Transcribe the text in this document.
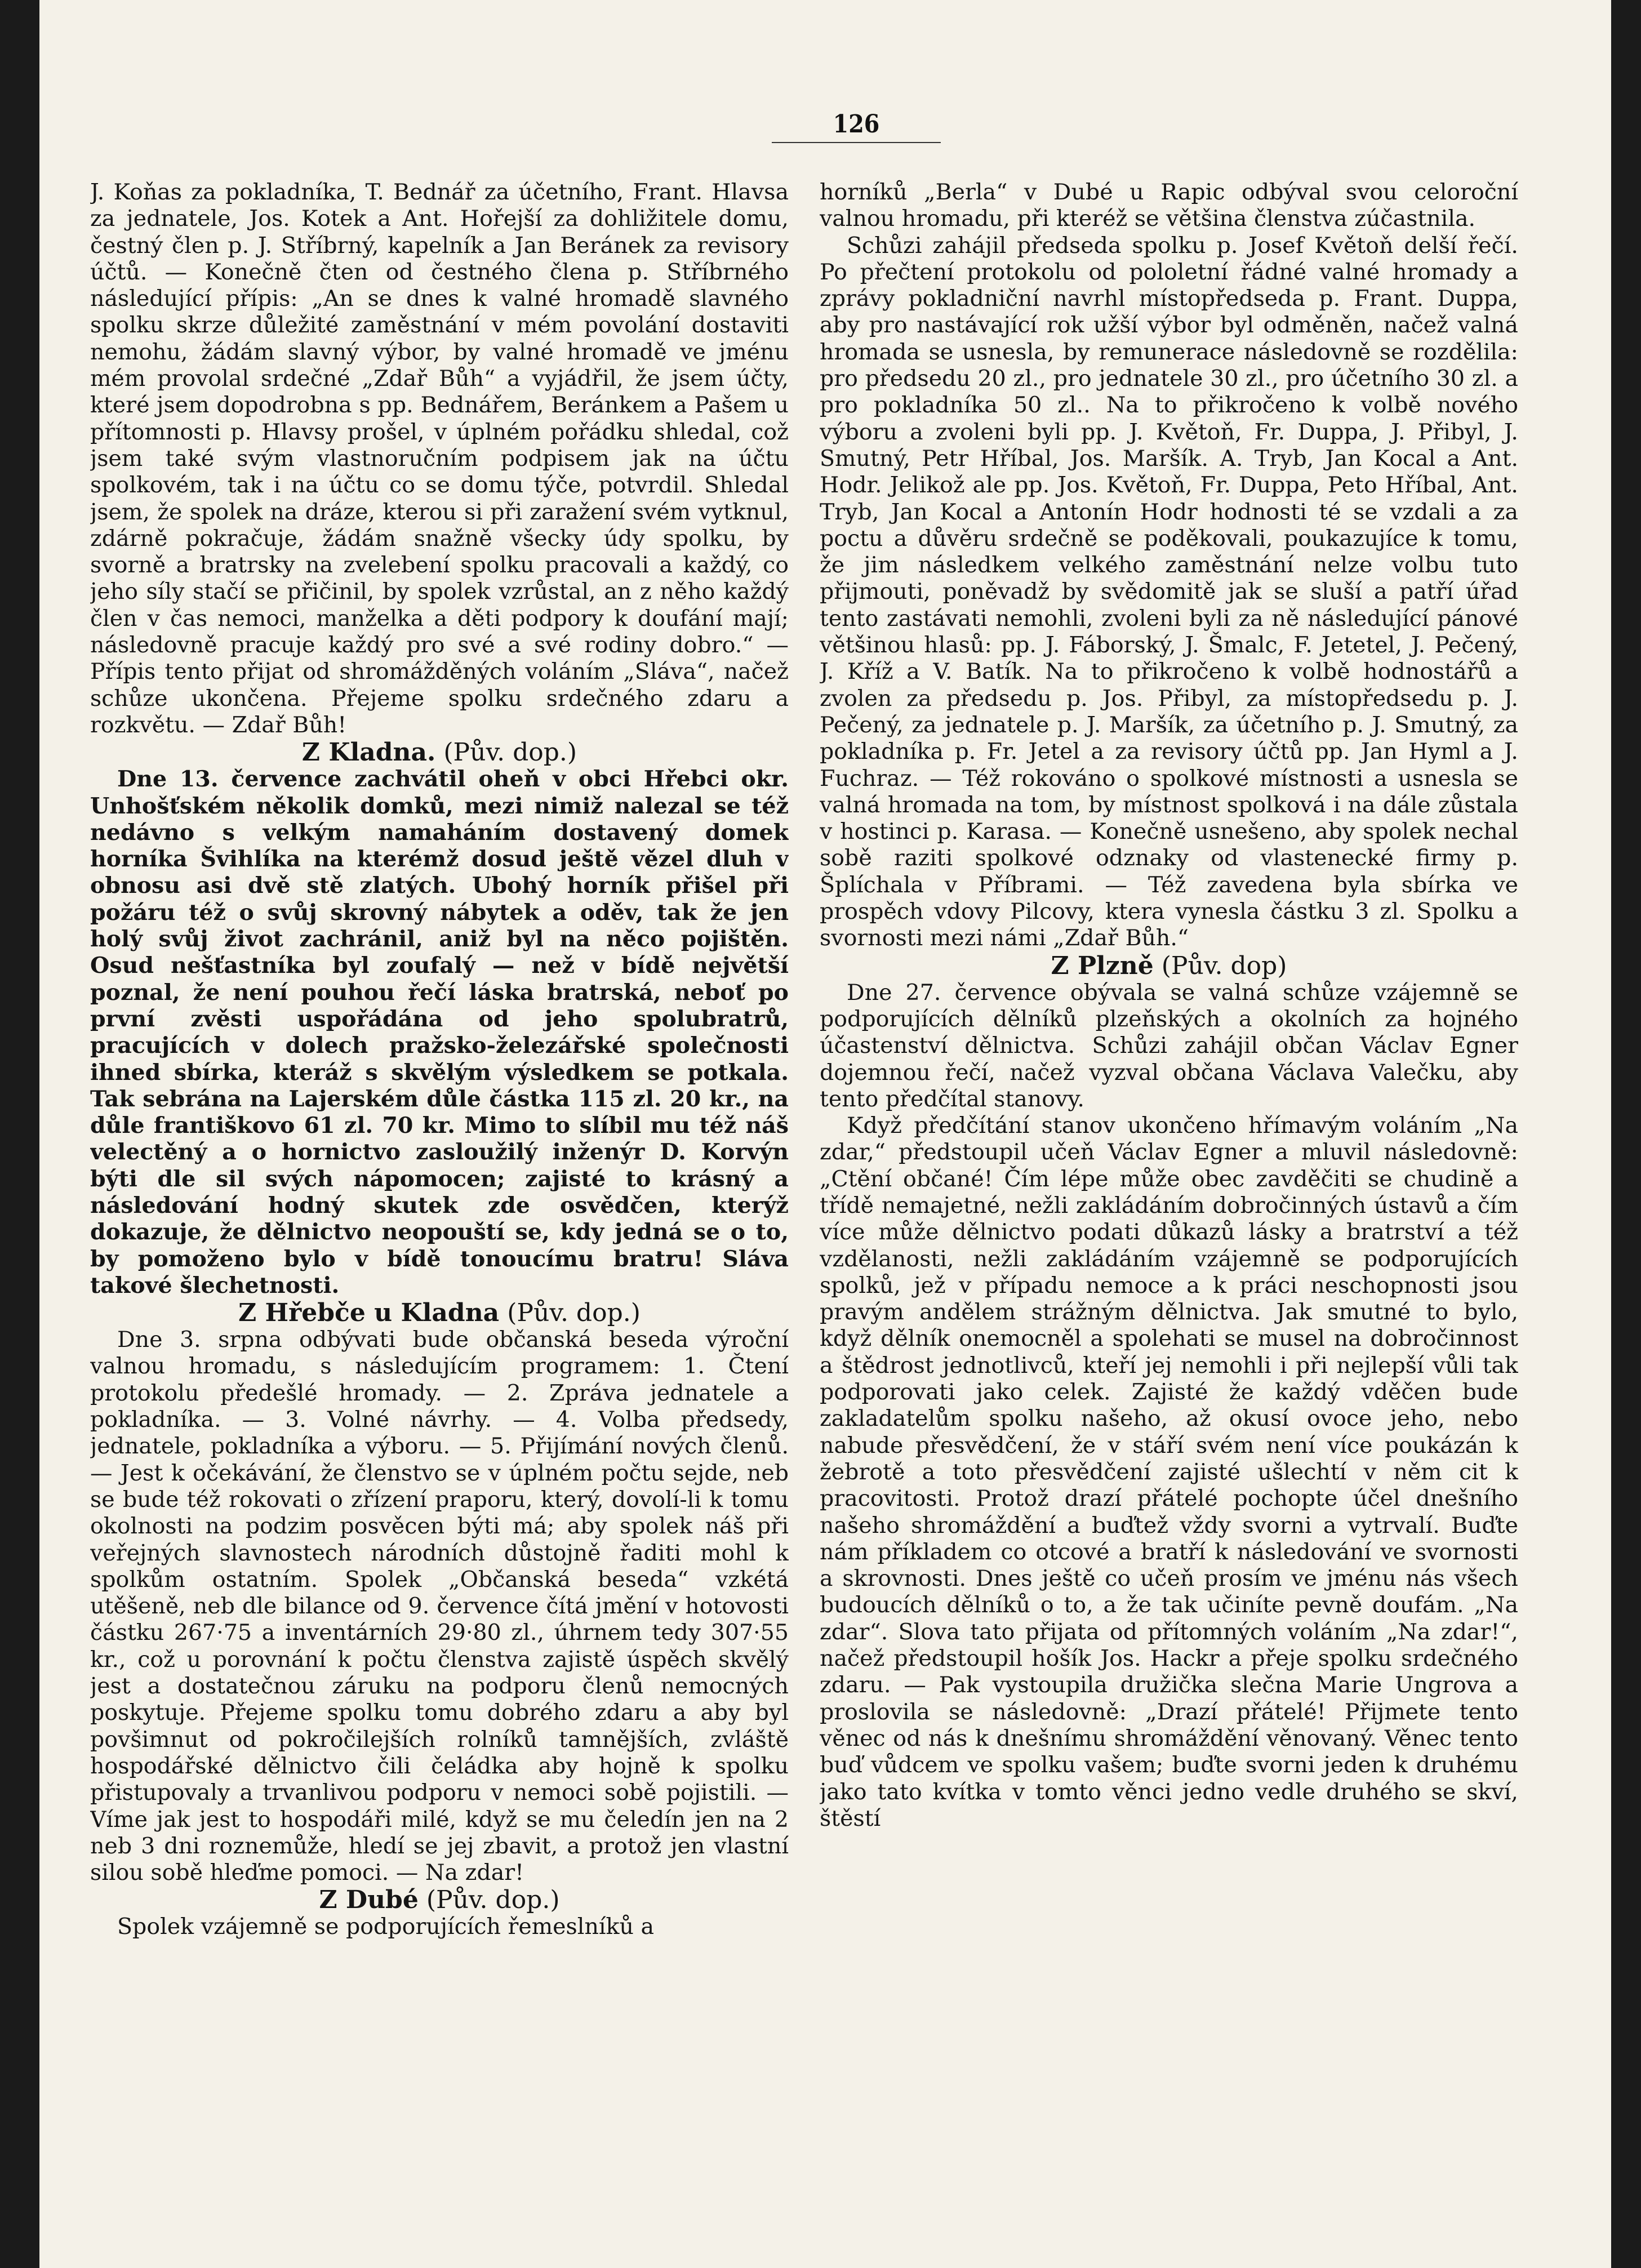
126

J. Koňas za pokladníka, T. Bednář za účetního, Frant. Hlavsa za jednatele, Jos. Kotek a Ant. Hořejší za dohližitele domu, čestný člen p. J. Stříbrný, kapelník a Jan Beránek za revisory účtů. — Konečně čten od čestného člena p. Stříbrného následující přípis: „An se dnes k valné hromadě slavného spolku skrze důležité zaměstnání v mém povolání dostaviti nemohu, žádám slavný výbor, by valné hromadě ve jménu mém provolal srdečné „Zdař Bůh“ a vyjádřil, že jsem účty, které jsem dopodrobna s pp. Bednářem, Beránkem a Pašem u přítomnosti p. Hlavsy prošel, v úplném pořádku shledal, což jsem také svým vlastnoručním podpisem jak na účtu spolkovém, tak i na účtu co se domu týče, potvrdil. Shledal jsem, že spolek na dráze, kterou si při zaražení svém vytknul, zdárně pokračuje, žádám snažně všecky údy spolku, by svorně a bratrsky na zvelebení spolku pracovali a každý, co jeho síly stačí se přičinil, by spolek vzrůstal, an z něho každý člen v čas nemoci, manželka a děti podpory k doufání mají; následovně pracuje každý pro své a své rodiny dobro.“ — Přípis tento přijat od shromážděných voláním „Sláva“, načež schůze ukončena. Přejeme spolku srdečného zdaru a rozkvětu. — Zdař Bůh!

Z Kladna. (Pův. dop.)

Dne 13. července zachvátil oheň v obci Hřebci okr. Unhošťském několik domků, mezi nimiž nalezal se též nedávno s velkým namaháním dostavený domek horníka Švihlíka na kterémž dosud ještě vězel dluh v obnosu asi dvě stě zlatých. Ubohý horník přišel při požáru též o svůj skrovný nábytek a oděv, tak že jen holý svůj život zachránil, aniž byl na něco pojištěn. Osud nešťastníka byl zoufalý — než v bídě největší poznal, že není pouhou řečí láska bratrská, neboť po první zvěsti uspořádána od jeho spolubratrů, pracujících v dolech pražsko-železářské společnosti ihned sbírka, kteráž s skvělým výsledkem se potkala. Tak sebrána na Lajerském důle částka 115 zl. 20 kr., na důle františkovo 61 zl. 70 kr. Mimo to slíbil mu též náš velectěný a o hornictvo zasloužilý inženýr D. Korvýn býti dle sil svých nápomocen; zajisté to krásný a následování hodný skutek zde osvědčen, kterýž dokazuje, že dělnictvo neopouští se, kdy jedná se o to, by pomoženo bylo v bídě tonoucímu bratru! Sláva takové šlechetnosti.

Z Hřebče u Kladna (Pův. dop.)

Dne 3. srpna odbývati bude občanská beseda výroční valnou hromadu, s následujícím programem: 1. Čtení protokolu předešlé hromady. — 2. Zpráva jednatele a pokladníka. — 3. Volné návrhy. — 4. Volba předsedy, jednatele, pokladníka a výboru. — 5. Přijímání nových členů. — Jest k očekávání, že členstvo se v úplném počtu sejde, neb se bude též rokovati o zřízení praporu, který, dovolí-li k tomu okolnosti na podzim posvěcen býti má; aby spolek náš při veřejných slavnostech národních důstojně řaditi mohl k spolkům ostatním. Spolek „Občanská beseda“ vzkétá utěšeně, neb dle bilance od 9. července čítá jmění v hotovosti částku 267·75 a inventárních 29·80 zl., úhrnem tedy 307·55 kr., což u porovnání k počtu členstva zajistě úspěch skvělý jest a dostatečnou záruku na podporu členů nemocných poskytuje. Přejeme spolku tomu dobrého zdaru a aby byl povšimnut od pokročilejších rolníků tamnějších, zvláště hospodářské dělnictvo čili čeládka aby hojně k spolku přistupovaly a trvanlivou podporu v nemoci sobě pojistili. — Víme jak jest to hospodáři milé, když se mu čeledín jen na 2 neb 3 dni roznemůže, hledí se jej zbavit, a protož jen vlastní silou sobě hleďme pomoci. — Na zdar!

Z Dubé (Pův. dop.)

Spolek vzájemně se podporujících řemeslníků a

horníků „Berla“ v Dubé u Rapic odbýval svou celoroční valnou hromadu, při kteréž se většina členstva zúčastnila.

Schůzi zahájil předseda spolku p. Josef Květoň delší řečí. Po přečtení protokolu od pololetní řádné valné hromady a zprávy pokladniční navrhl místopředseda p. Frant. Duppa, aby pro nastávající rok užší výbor byl odměněn, načež valná hromada se usnesla, by remunerace následovně se rozdělila: pro předsedu 20 zl., pro jednatele 30 zl., pro účetního 30 zl. a pro pokladníka 50 zl.. Na to přikročeno k volbě nového výboru a zvoleni byli pp. J. Květoň, Fr. Duppa, J. Přibyl, J. Smutný, Petr Hříbal, Jos. Maršík. A. Tryb, Jan Kocal a Ant. Hodr. Jelikož ale pp. Jos. Květoň, Fr. Duppa, Peto Hříbal, Ant. Tryb, Jan Kocal a Antonín Hodr hodnosti té se vzdali a za poctu a důvěru srdečně se poděkovali, poukazujíce k tomu, že jim následkem velkého zaměstnání nelze volbu tuto přijmouti, poněvadž by svědomitě jak se sluší a patří úřad tento zastávati nemohli, zvoleni byli za ně následující pánové většinou hlasů: pp. J. Fáborský, J. Šmalc, F. Jetetel, J. Pečený, J. Kříž a V. Batík. Na to přikročeno k volbě hodnostářů a zvolen za předsedu p. Jos. Přibyl, za místopředsedu p. J. Pečený, za jednatele p. J. Maršík, za účetního p. J. Smutný, za pokladníka p. Fr. Jetel a za revisory účtů pp. Jan Hyml a J. Fuchraz. — Též rokováno o spolkové místnosti a usnesla se valná hromada na tom, by místnost spolková i na dále zůstala v hostinci p. Karasa. — Konečně usnešeno, aby spolek nechal sobě raziti spolkové odznaky od vlastenecké firmy p. Šplíchala v Příbrami. — Též zavedena byla sbírka ve prospěch vdovy Pilcovy, ktera vynesla částku 3 zl. Spolku a svornosti mezi námi „Zdař Bůh.“

Z Plzně (Pův. dop)

Dne 27. července obývala se valná schůze vzájemně se podporujících dělníků plzeňských a okolních za hojného účastenství dělnictva. Schůzi zahájil občan Václav Egner dojemnou řečí, načež vyzval občana Václava Valečku, aby tento předčítal stanovy.

Když předčítání stanov ukončeno hřímavým voláním „Na zdar,“ předstoupil učeň Václav Egner a mluvil následovně: „Ctění občané! Čím lépe může obec zavděčiti se chudině a třídě nemajetné, nežli zakládáním dobročinných ústavů a čím více může dělnictvo podati důkazů lásky a bratrství a též vzdělanosti, nežli zakládáním vzájemně se podporujících spolků, jež v případu nemoce a k práci neschopnosti jsou pravým andělem strážným dělnictva. Jak smutné to bylo, když dělník onemocněl a spolehati se musel na dobročinnost a štědrost jednotlivců, kteří jej nemohli i při nejlepší vůli tak podporovati jako celek. Zajisté že každý vděčen bude zakladatelům spolku našeho, až okusí ovoce jeho, nebo nabude přesvědčení, že v stáří svém není více poukázán k žebrotě a toto přesvědčení zajisté ušlechtí v něm cit k pracovitosti. Protož drazí přátelé pochopte účel dnešního našeho shromáždění a buďtež vždy svorni a vytrvalí. Buďte nám příkladem co otcové a bratří k následování ve svornosti a skrovnosti. Dnes ještě co učeň prosím ve jménu nás všech budoucích dělníků o to, a že tak učiníte pevně doufám. „Na zdar“. Slova tato přijata od přítomných voláním „Na zdar!“, načež předstoupil hošík Jos. Hackr a přeje spolku srdečného zdaru. — Pak vystoupila družička slečna Marie Ungrova a proslovila se následovně: „Drazí přátelé! Přijmete tento věnec od nás k dnešnímu shromáždění věnovaný. Věnec tento buď vůdcem ve spolku vašem; buďte svorni jeden k druhému jako tato kvítka v tomto věnci jedno vedle druhého se skví, štěstí
